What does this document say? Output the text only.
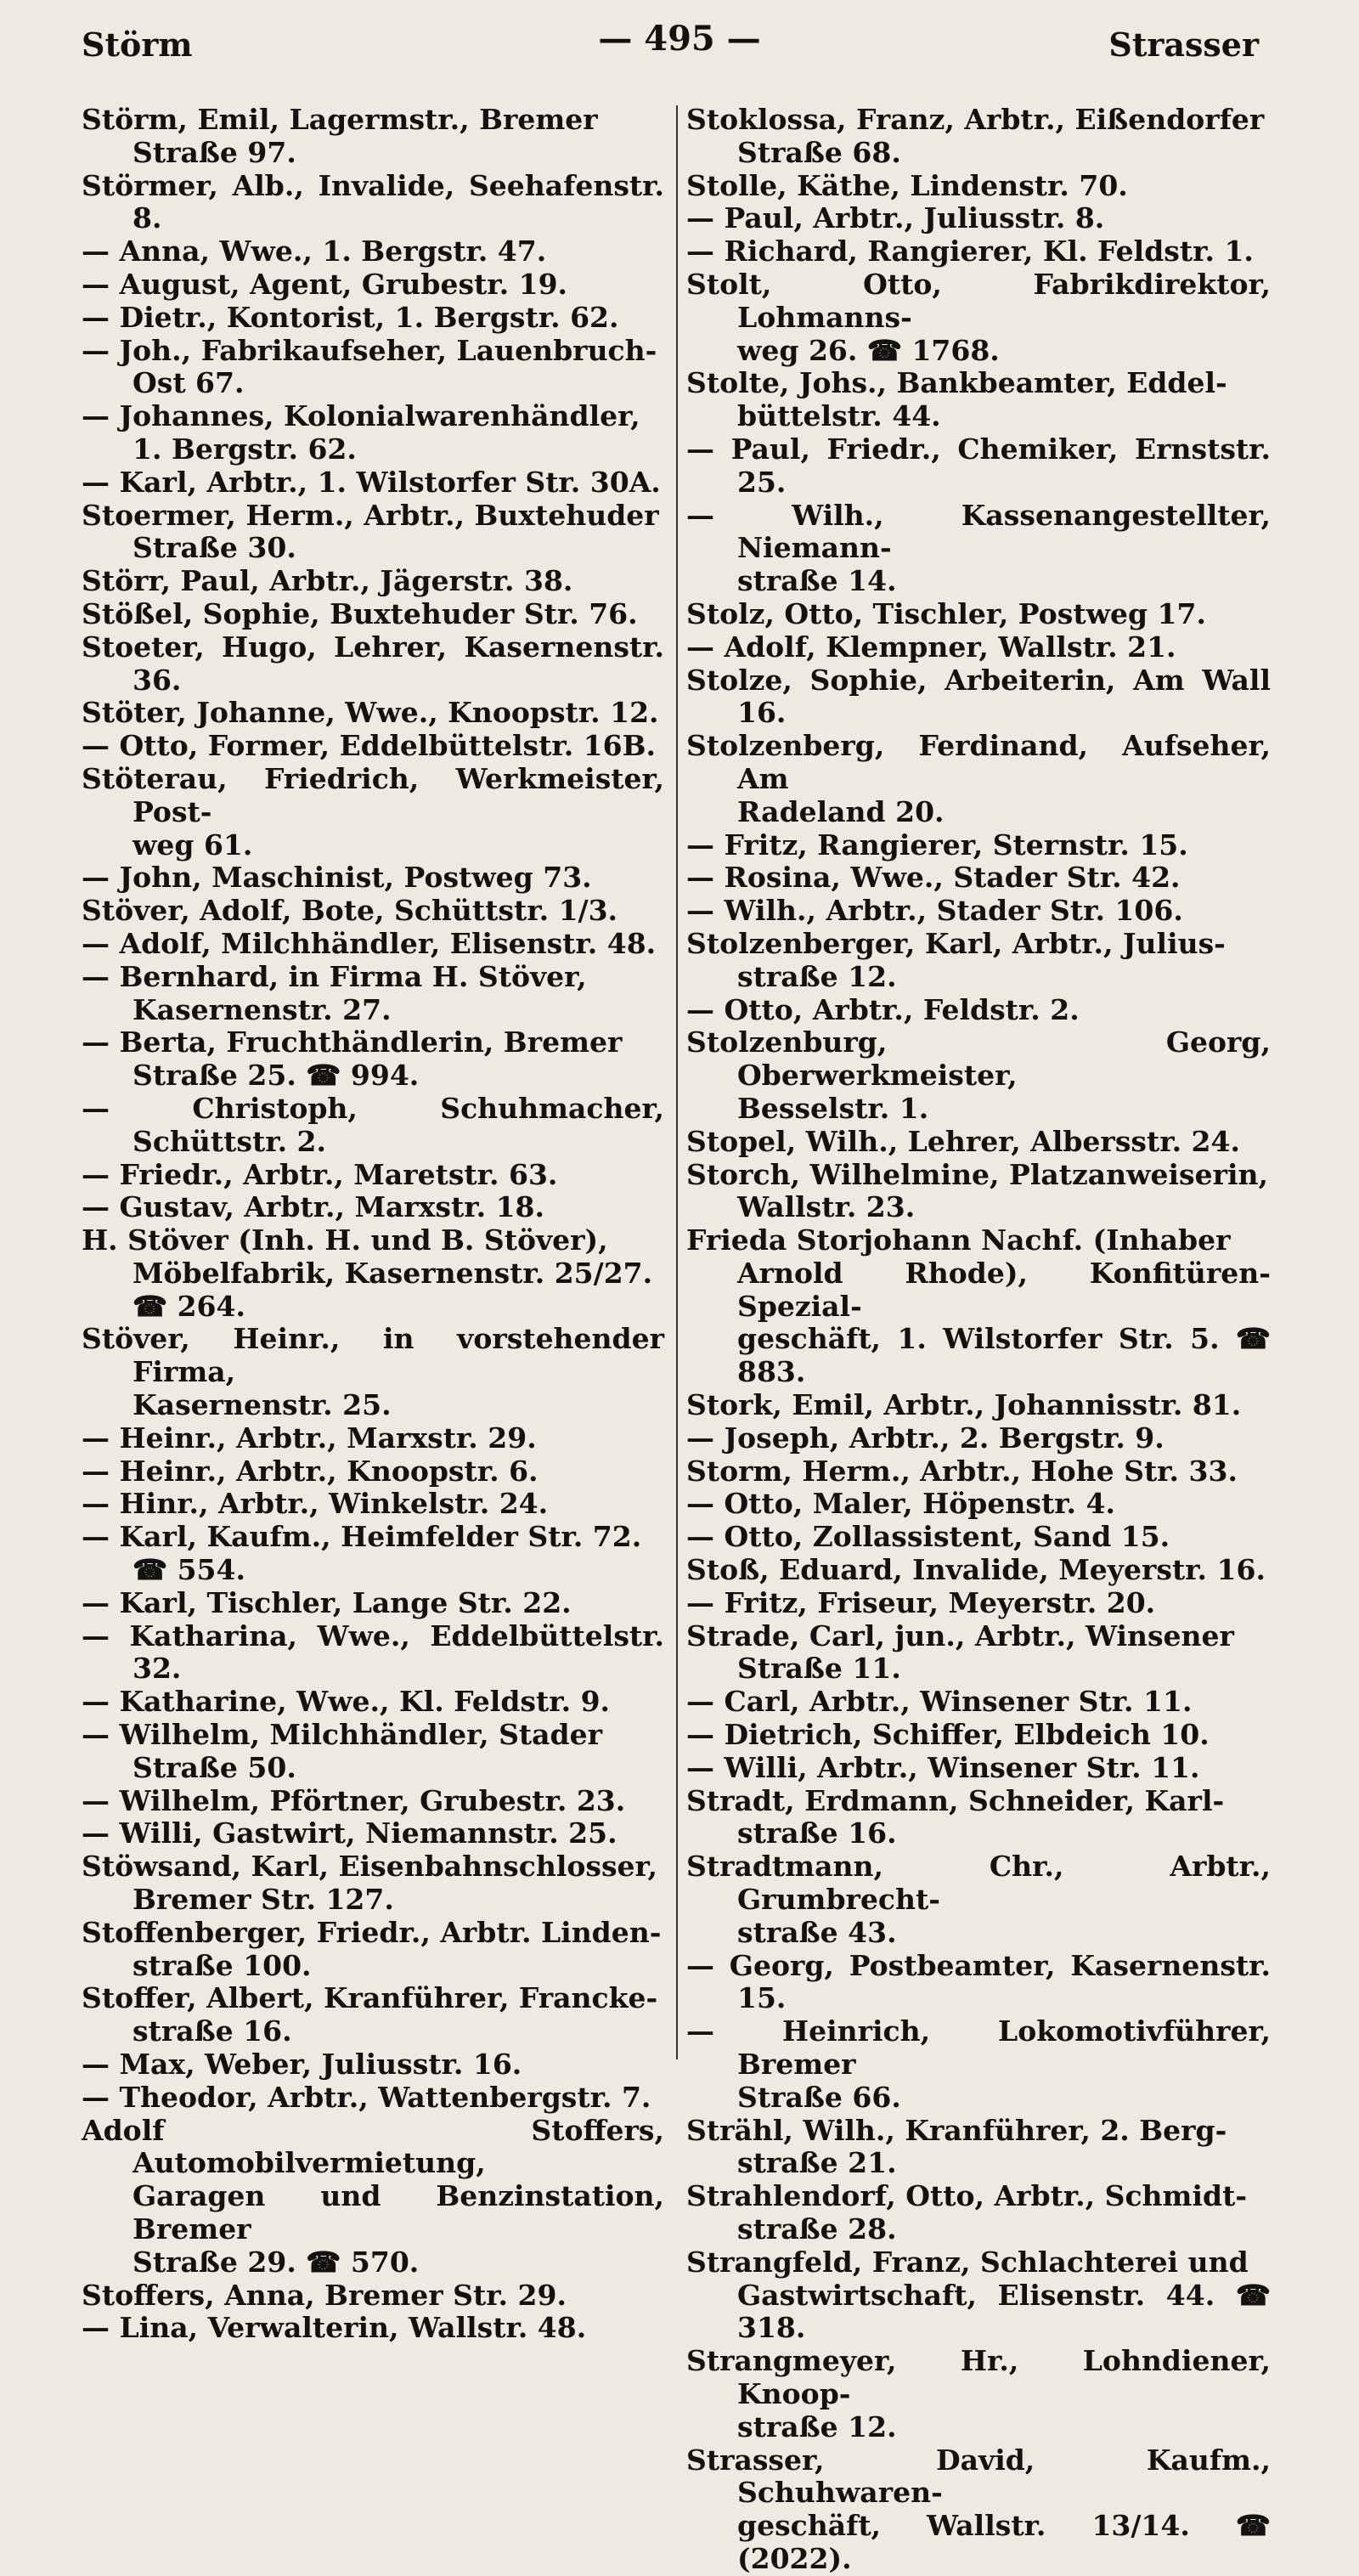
Störm	— 495 —	Strasser

Störm, Emil, Lagermstr., Bremer
Straße 97.

Störmer, Alb., Invalide, Seehafenstr. 8.

— Anna, Wwe., 1. Bergstr. 47.

— August, Agent, Grubestr. 19.

— Dietr., Kontorist, 1. Bergstr. 62.

— Joh., Fabrikaufseher, Lauenbruch-
Ost 67.

— Johannes, Kolonialwarenhändler,
1. Bergstr. 62.

— Karl, Arbtr., 1. Wilstorfer Str. 30A.

Stoermer, Herm., Arbtr., Buxtehuder
Straße 30.

Störr, Paul, Arbtr., Jägerstr. 38.

Stößel, Sophie, Buxtehuder Str. 76.

Stoeter, Hugo, Lehrer, Kasernenstr. 36.

Stöter, Johanne, Wwe., Knoopstr. 12.

— Otto, Former, Eddelbüttelstr. 16B.

Stöterau, Friedrich, Werkmeister, Post-
weg 61.

— John, Maschinist, Postweg 73.

Stöver, Adolf, Bote, Schüttstr. 1/3.

— Adolf, Milchhändler, Elisenstr. 48.

— Bernhard, in Firma H. Stöver,
Kasernenstr. 27.

— Berta, Fruchthändlerin, Bremer
Straße 25. ☎ 994.

— Christoph, Schuhmacher, Schüttstr. 2.

— Friedr., Arbtr., Maretstr. 63.

— Gustav, Arbtr., Marxstr. 18.

H. Stöver (Inh. H. und B. Stöver),
Möbelfabrik, Kasernenstr. 25/27.
☎ 264.

Stöver, Heinr., in vorstehender Firma,
Kasernenstr. 25.

— Heinr., Arbtr., Marxstr. 29.

— Heinr., Arbtr., Knoopstr. 6.

— Hinr., Arbtr., Winkelstr. 24.

— Karl, Kaufm., Heimfelder Str. 72.
☎ 554.

— Karl, Tischler, Lange Str. 22.

— Katharina, Wwe., Eddelbüttelstr. 32.

— Katharine, Wwe., Kl. Feldstr. 9.

— Wilhelm, Milchhändler, Stader
Straße 50.

— Wilhelm, Pförtner, Grubestr. 23.

— Willi, Gastwirt, Niemannstr. 25.

Stöwsand, Karl, Eisenbahnschlosser,
Bremer Str. 127.

Stoffenberger, Friedr., Arbtr. Linden-
straße 100.

Stoffer, Albert, Kranführer, Francke-
straße 16.

— Max, Weber, Juliusstr. 16.

— Theodor, Arbtr., Wattenbergstr. 7.

Adolf Stoffers, Automobilvermietung,
Garagen und Benzinstation, Bremer
Straße 29. ☎ 570.

Stoffers, Anna, Bremer Str. 29.

— Lina, Verwalterin, Wallstr. 48.

Stoklossa, Franz, Arbtr., Eißendorfer
Straße 68.

Stolle, Käthe, Lindenstr. 70.

— Paul, Arbtr., Juliusstr. 8.

— Richard, Rangierer, Kl. Feldstr. 1.

Stolt, Otto, Fabrikdirektor, Lohmanns-
weg 26. ☎ 1768.

Stolte, Johs., Bankbeamter, Eddel-
büttelstr. 44.

— Paul, Friedr., Chemiker, Ernststr. 25.

— Wilh., Kassenangestellter, Niemann-
straße 14.

Stolz, Otto, Tischler, Postweg 17.

— Adolf, Klempner, Wallstr. 21.

Stolze, Sophie, Arbeiterin, Am Wall 16.

Stolzenberg, Ferdinand, Aufseher, Am
Radeland 20.

— Fritz, Rangierer, Sternstr. 15.

— Rosina, Wwe., Stader Str. 42.

— Wilh., Arbtr., Stader Str. 106.

Stolzenberger, Karl, Arbtr., Julius-
straße 12.

— Otto, Arbtr., Feldstr. 2.

Stolzenburg, Georg, Oberwerkmeister,
Besselstr. 1.

Stopel, Wilh., Lehrer, Albersstr. 24.

Storch, Wilhelmine, Platzanweiserin,
Wallstr. 23.

Frieda Storjohann Nachf. (Inhaber
Arnold Rhode), Konfitüren-Spezial-
geschäft, 1. Wilstorfer Str. 5. ☎ 883.

Stork, Emil, Arbtr., Johannisstr. 81.

— Joseph, Arbtr., 2. Bergstr. 9.

Storm, Herm., Arbtr., Hohe Str. 33.

— Otto, Maler, Höpenstr. 4.

— Otto, Zollassistent, Sand 15.

Stoß, Eduard, Invalide, Meyerstr. 16.

— Fritz, Friseur, Meyerstr. 20.

Strade, Carl, jun., Arbtr., Winsener
Straße 11.

— Carl, Arbtr., Winsener Str. 11.

— Dietrich, Schiffer, Elbdeich 10.

— Willi, Arbtr., Winsener Str. 11.

Stradt, Erdmann, Schneider, Karl-
straße 16.

Stradtmann, Chr., Arbtr., Grumbrecht-
straße 43.

— Georg, Postbeamter, Kasernenstr. 15.

— Heinrich, Lokomotivführer, Bremer
Straße 66.

Strähl, Wilh., Kranführer, 2. Berg-
straße 21.

Strahlendorf, Otto, Arbtr., Schmidt-
straße 28.

Strangfeld, Franz, Schlachterei und
Gastwirtschaft, Elisenstr. 44. ☎ 318.

Strangmeyer, Hr., Lohndiener, Knoop-
straße 12.

Strasser, David, Kaufm., Schuhwaren-
geschäft, Wallstr. 13/14. ☎ (2022).
